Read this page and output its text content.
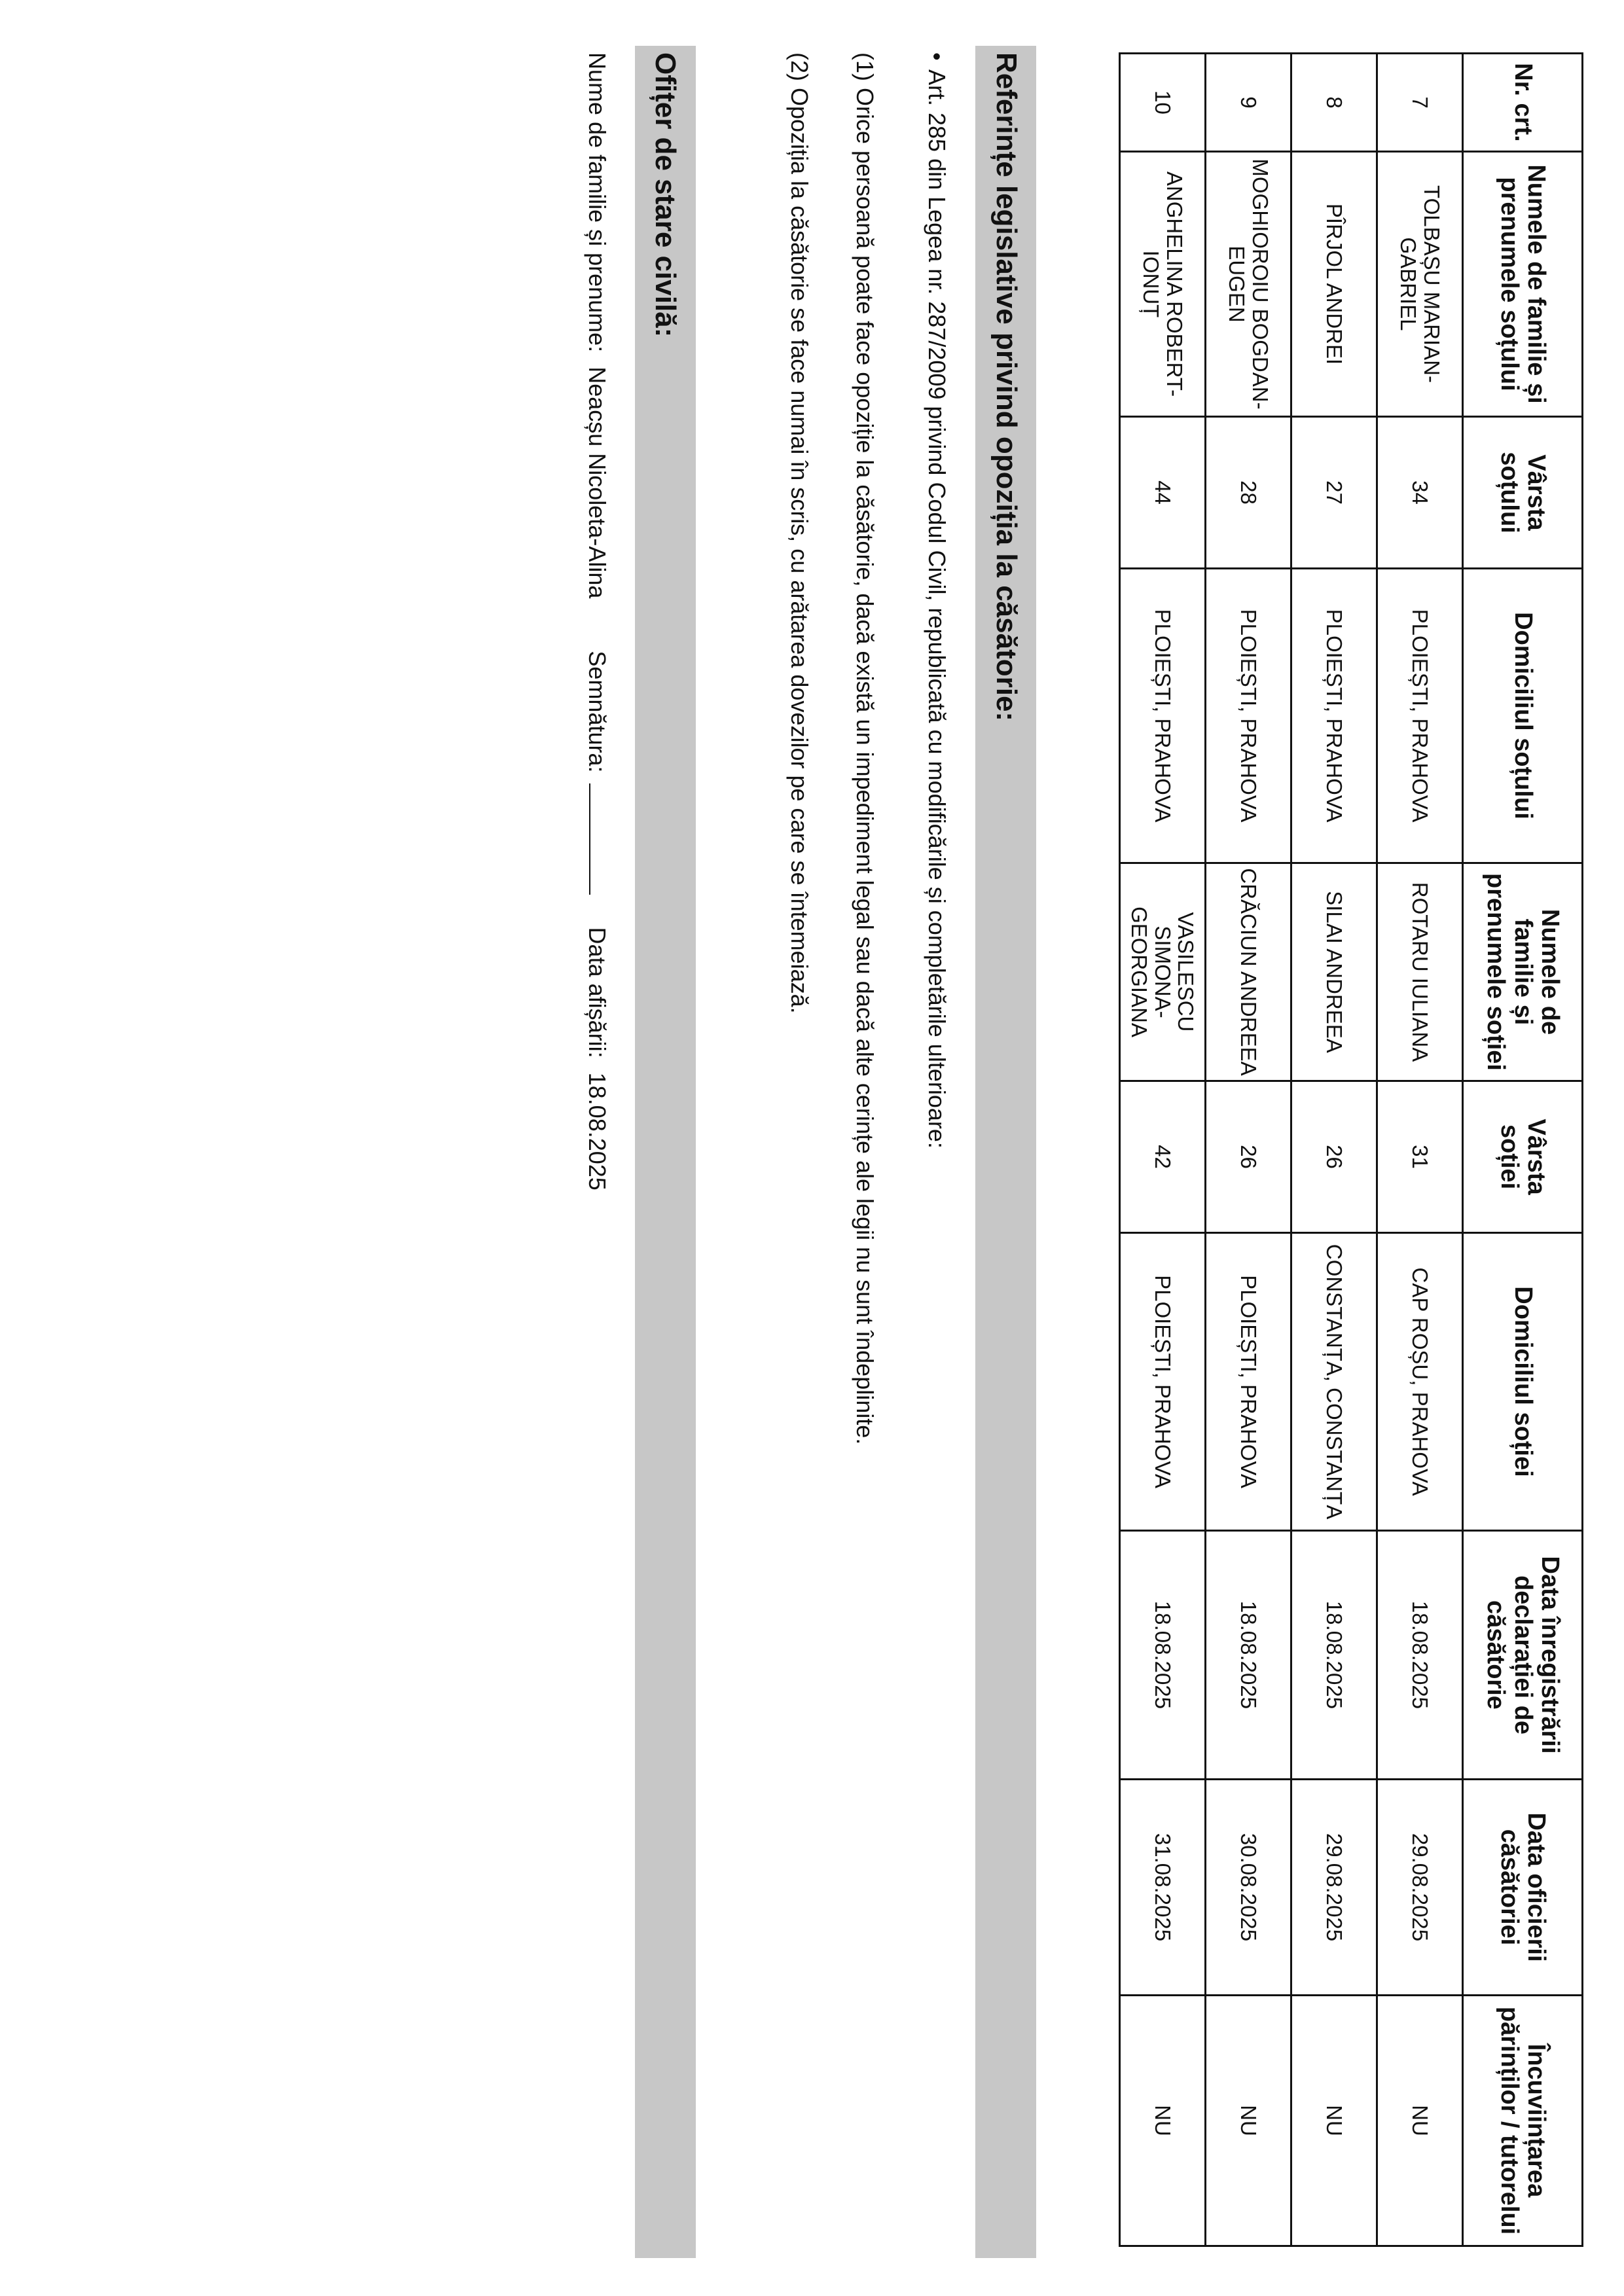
Nr. crt.	Numele de familie și prenumele soțului	Vârsta soțului	Domiciliul soțului	Numele de familie și prenumele soției	Vârsta soției	Domiciliul soției	Data înregistrării declarației de căsătorie	Data oficierii căsătoriei	Încuviințarea părinților / tutorelui
7	TOLBAȘU MARIAN-GABRIEL	34	PLOIEȘTI, PRAHOVA	ROTARU IULIANA	31	CAP ROȘU, PRAHOVA	18.08.2025	29.08.2025	NU
8	PÎRJOL ANDREI	27	PLOIEȘTI, PRAHOVA	SILAI ANDREEA	26	CONSTANȚA, CONSTANȚA	18.08.2025	29.08.2025	NU
9	MOGHIOROIU BOGDAN-EUGEN	28	PLOIEȘTI, PRAHOVA	CRĂCIUN ANDREEA	26	PLOIEȘTI, PRAHOVA	18.08.2025	30.08.2025	NU
10	ANGHELINA ROBERT-IONUȚ	44	PLOIEȘTI, PRAHOVA	VASILESCU SIMONA-GEORGIANA	42	PLOIEȘTI, PRAHOVA	18.08.2025	31.08.2025	NU
Referințe legislative privind opoziția la căsătorie:
•Art. 285 din Legea nr. 287/2009 privind Codul Civil, republicată cu modificările și completările ulterioare:
(1) Orice persoană poate face opoziție la căsătorie, dacă există un impediment legal sau dacă alte cerințe ale legii nu sunt îndeplinite.
(2) Opoziția la căsătorie se face numai în scris, cu arătarea dovezilor pe care se întemeiază.
Ofițer de stare civilă:
Nume de familie și prenume: Neacșu Nicoleta-Alina Semnătura:  Data afișării: 18.08.2025
